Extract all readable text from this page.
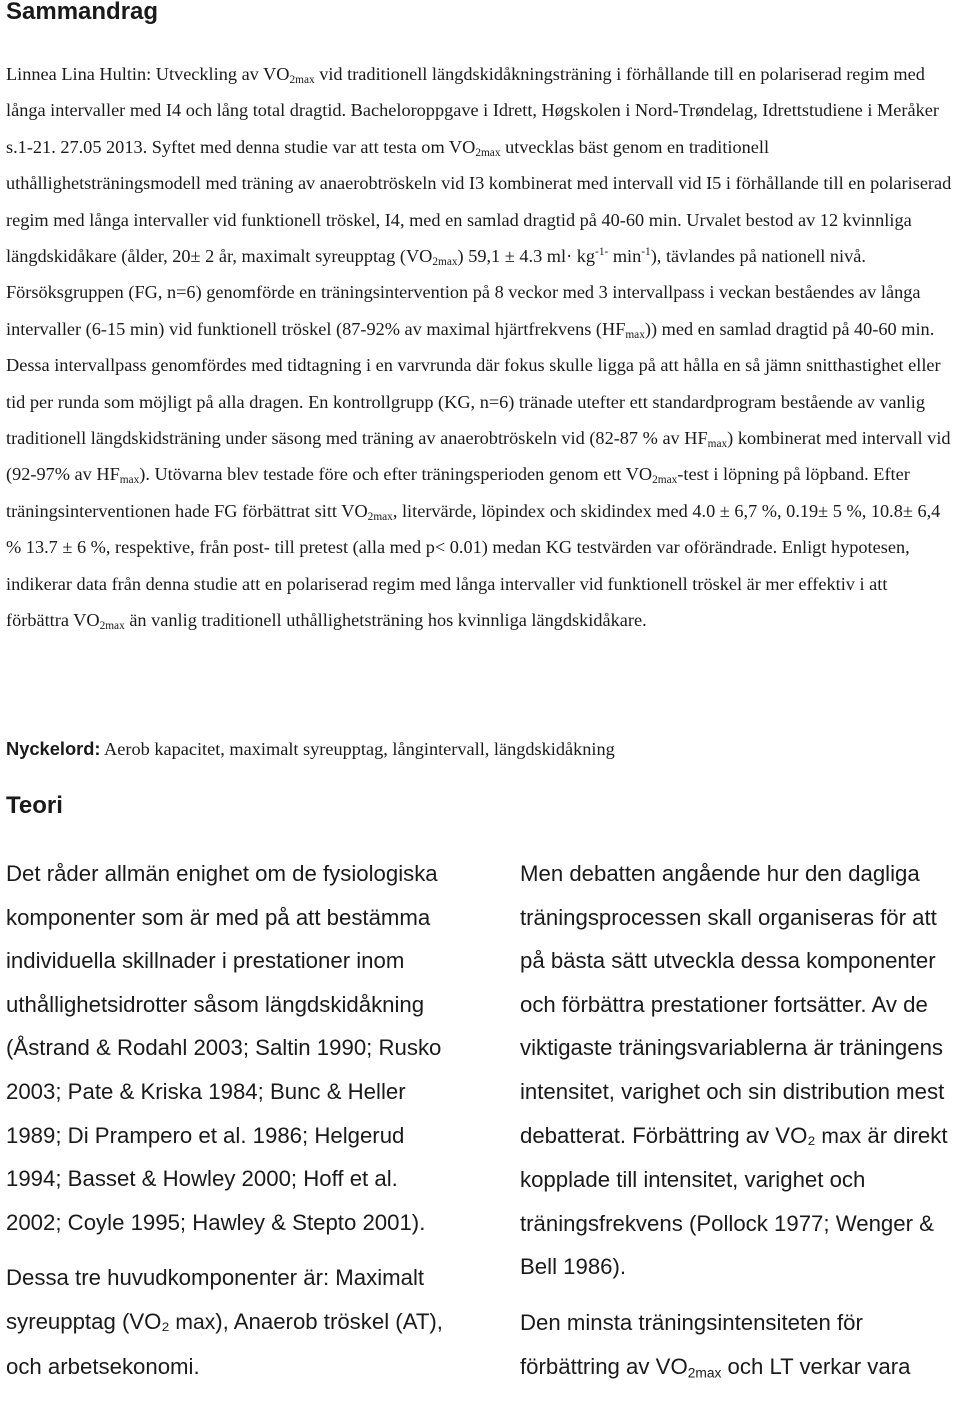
Sammandrag

Linnea Lina Hultin: Utveckling av $VO_{2max}$ vid traditionell längdskidåkningsträning i förhållande till en polariserad regim med långa intervaller med I4 och lång total dragtid. Bacheloroppgave i Idrett, Høgskolen i Nord-Trøndelag, Idrettstudiene i Meråker s.1-21. 27.05 2013. Syftet med denna studie var att testa om $VO_{2max}$ utvecklas bäst genom en traditionell uthållighetsträningsmodell med träning av anaerobtröskeln vid I3 kombinerat med intervall vid I5 i förhållande till en polariserad regim med långa intervaller vid funktionell tröskel, I4, med en samlad dragtid på 40-60 min. Urvalet bestod av 12 kvinnliga längdskidåkare (ålder, 20± 2 år, maximalt syreupptag $(VO_{2max}) 59,1 \pm 4.3$ $ml\cdot kg^{-1-}$ $\min^{-1}$), tävlandes på nationell nivå. Försöksgruppen (FG, n=6) genomförde en träningsintervention på 8 veckor med 3 intervallpass i veckan beståendes av långa intervaller (6-15 min) vid funktionell tröskel (87-92% av maximal hjärtfrekvens $(HF_{max})$) med en samlad dragtid på 40-60 min. Dessa intervallpass genomfördes med tidtagning i en varvrunda där fokus skulle ligga på att hålla en så jämn snitthastighet eller tid per runda som möjligt på alla dragen. En kontrollgrupp (KG, n=6) tränade utefter ett standardprogram bestående av vanlig traditionell längdskidsträning under säsong med träning av anaerobtröskeln vid (82-87 % av $HF_{max}$) kombinerat med intervall vid (92-97% av $HF_{max}$). Utövarna blev testade före och efter träningsperioden genom ett $VO_{2max}$-test i löpning på löpband. Efter träningsinterventionen hade FG förbättrat sitt $VO_{2max}$, litervärde, löpindex och skidindex med 4.0 ± 6,7 %, 0.19± 5 %, 10.8± 6,4 % 13.7 ± 6 %, respektive, från post- till pretest (alla med p< 0.01) medan KG testvärden var oförändrade. Enligt hypotesen, indikerar data från denna studie att en polariserad regim med långa intervaller vid funktionell tröskel är mer effektiv i att förbättra $VO_{2max}$ än vanlig traditionell uthållighetsträning hos kvinnliga längdskidåkare.

Nyckelord: Aerob kapacitet, maximalt syreupptag, långintervall, längdskidåkning

Teori

Det råder allmän enighet om de fysiologiska komponenter som är med på att bestämma individuella skillnader i prestationer inom uthållighetsidrotter såsom längdskidåkning (Åstrand & Rodahl 2003; Saltin 1990; Rusko 2003; Pate & Kriska 1984; Bunc & Heller 1989; Di Prampero et al. 1986; Helgerud 1994; Basset & Howley 2000; Hoff et al. 2002; Coyle 1995; Hawley & Stepto 2001).

Dessa tre huvudkomponenter är: Maximalt syreupptag (VO₂ max), Anaerob tröskel (AT), och arbetsekonomi.

Men debatten angående hur den dagliga träningsprocessen skall organiseras för att på bästa sätt utveckla dessa komponenter och förbättra prestationer fortsätter. Av de viktigaste träningsvariablerna är träningens intensitet, varighet och sin distribution mest debatterat. Förbättring av VO₂ max är direkt kopplade till intensitet, varighet och träningsfrekvens (Pollock 1977; Wenger & Bell 1986).

Den minsta träningsintensiteten för förbättring av $VO_{2max}$ och LT verkar vara
